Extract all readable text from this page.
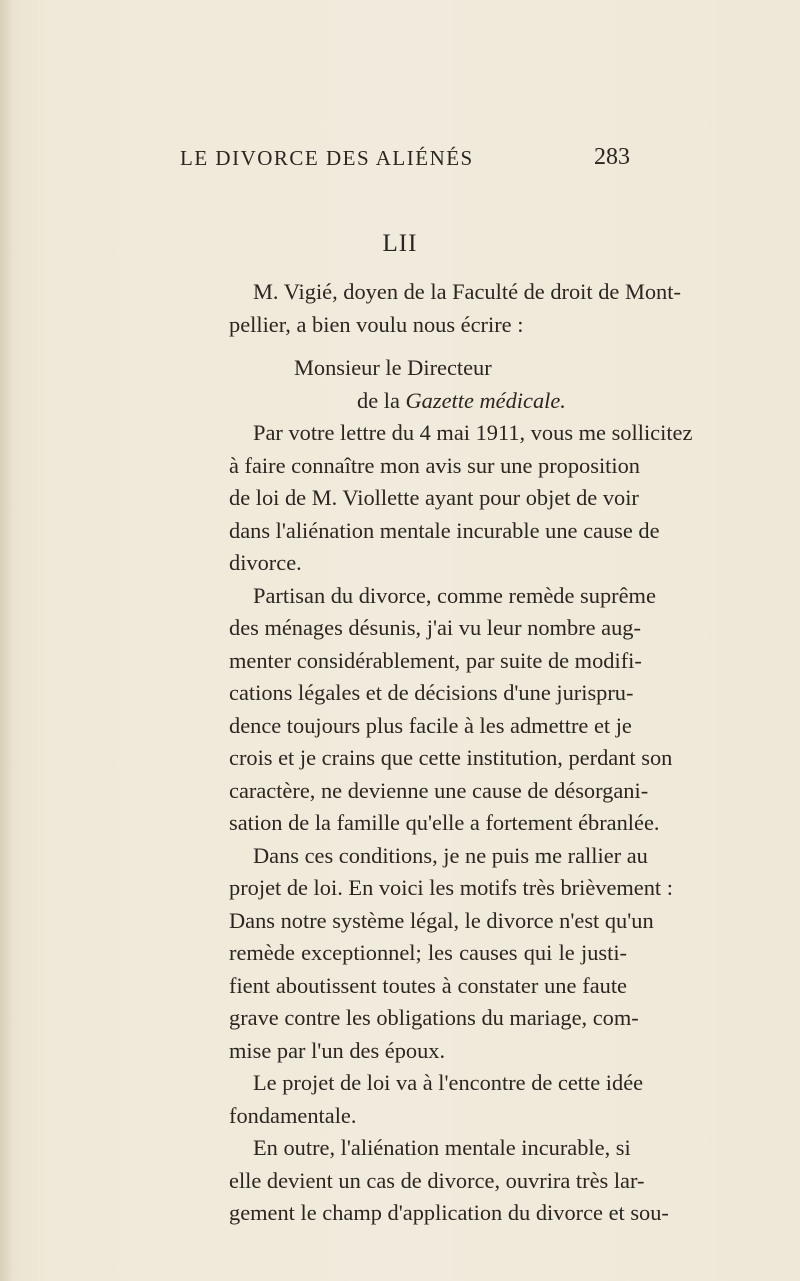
LE DIVORCE DES ALIÉNÉS	283
LII

M. Vigié, doyen de la Faculté de droit de Mont-
pellier, a bien voulu nous écrire :

Monsieur le Directeur

de la Gazette médicale.

Par votre lettre du 4 mai 1911, vous me sollicitez
à faire connaître mon avis sur une proposition
de loi de M. Viollette ayant pour objet de voir
dans l'aliénation mentale incurable une cause de
divorce.

Partisan du divorce, comme remède suprême
des ménages désunis, j'ai vu leur nombre aug-
menter considérablement, par suite de modifi-
cations légales et de décisions d'une jurispru-
dence toujours plus facile à les admettre et je
crois et je crains que cette institution, perdant son
caractère, ne devienne une cause de désorgani-
sation de la famille qu'elle a fortement ébranlée.

Dans ces conditions, je ne puis me rallier au
projet de loi. En voici les motifs très brièvement :
Dans notre système légal, le divorce n'est qu'un
remède exceptionnel; les causes qui le justi-
fient aboutissent toutes à constater une faute
grave contre les obligations du mariage, com-
mise par l'un des époux.

Le projet de loi va à l'encontre de cette idée
fondamentale.

En outre, l'aliénation mentale incurable, si
elle devient un cas de divorce, ouvrira très lar-
gement le champ d'application du divorce et sou-
